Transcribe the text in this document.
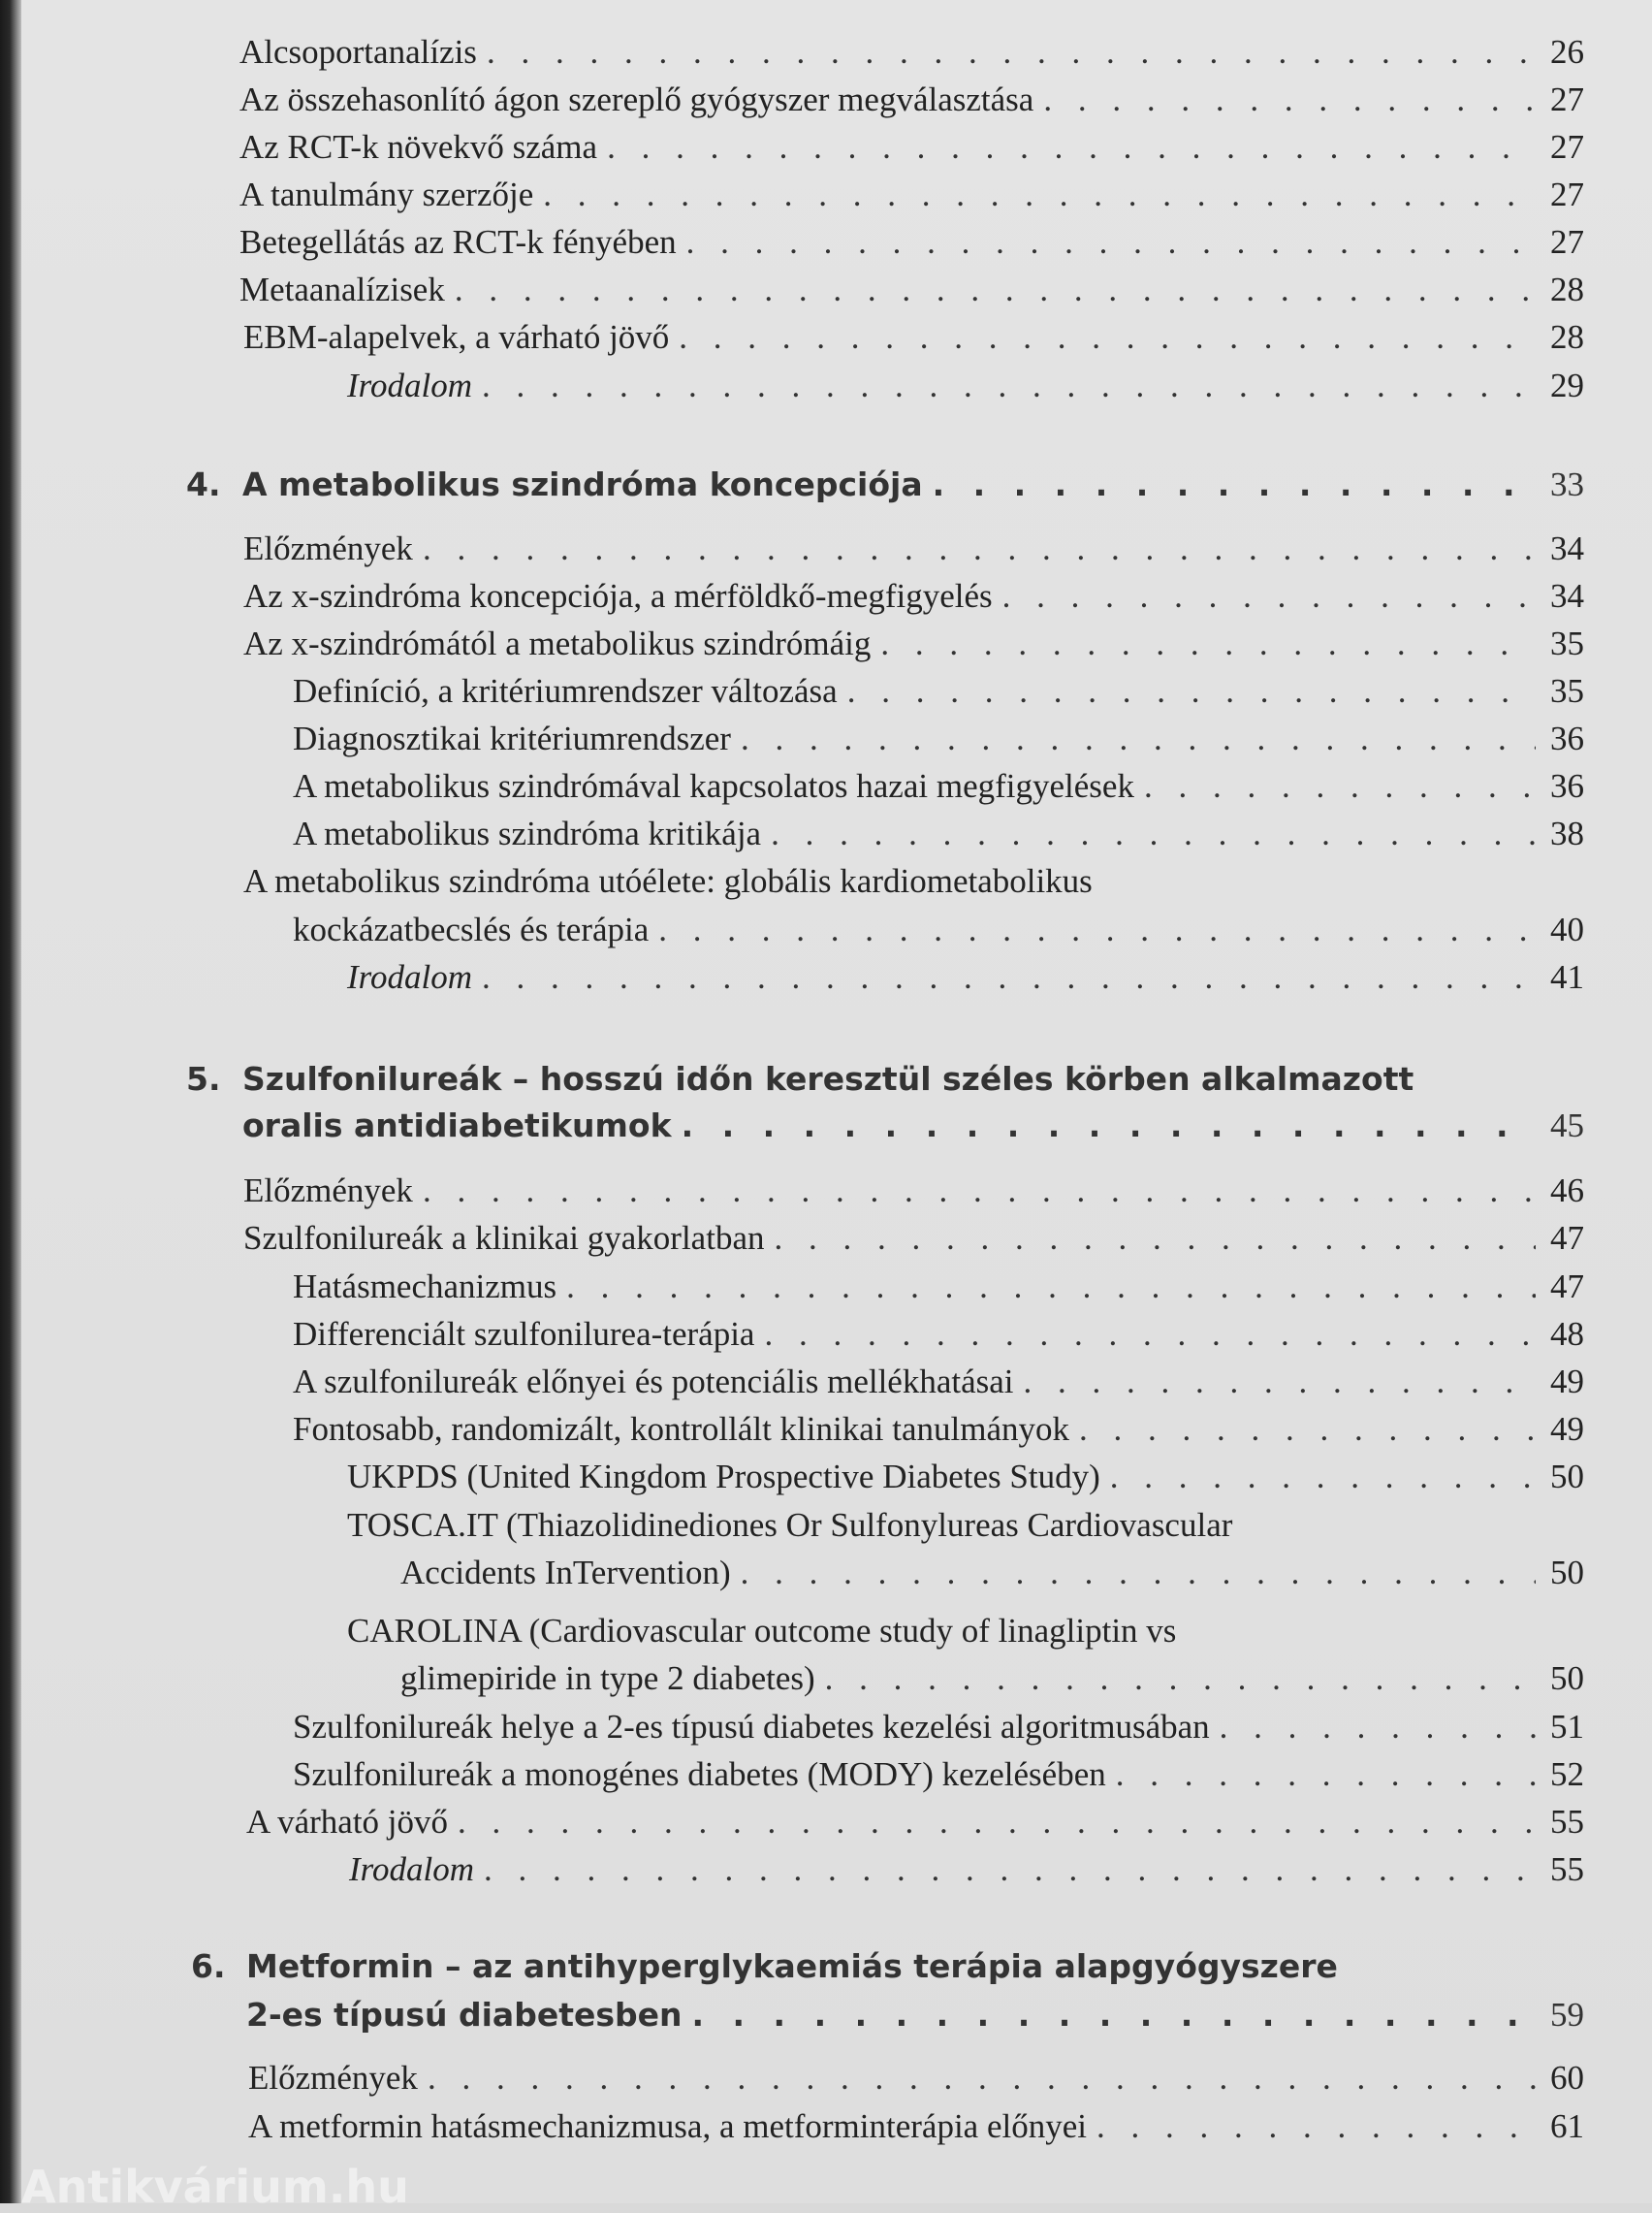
Alcsoportanalízis . . .	26
Az összehasonlító ágon szereplő gyógyszer megválasztása . . .	27
Az RCT-k növekvő száma . . .	27
A tanulmány szerzője . . .	27
Betegellátás az RCT-k fényében . . .	27
Metaanalízisek . . .	28
EBM-alapelvek, a várható jövő . . .	28
Irodalom . . .	29
4. A metabolikus szindróma koncepciója . . .	33
Előzmények . . .	34
Az x-szindróma koncepciója, a mérföldkő-megfigyelés . . .	34
Az x-szindrómától a metabolikus szindrómáig . . .	35
Definíció, a kritériumrendszer változása . . .	35
Diagnosztikai kritériumrendszer . . .	36
A metabolikus szindrómával kapcsolatos hazai megfigyelések . . .	36
A metabolikus szindróma kritikája . . .	38
A metabolikus szindróma utóélete: globális kardiometabolikus
kockázatbecslés és terápia . . .	40
Irodalom . . .	41
5. Szulfonilureák – hosszú időn keresztül széles körben alkalmazott
oralis antidiabetikumok . . .	45
Előzmények . . .	46
Szulfonilureák a klinikai gyakorlatban . . .	47
Hatásmechanizmus . . .	47
Differenciált szulfonilurea-terápia . . .	48
A szulfonilureák előnyei és potenciális mellékhatásai . . .	49
Fontosabb, randomizált, kontrollált klinikai tanulmányok . . .	49
UKPDS (United Kingdom Prospective Diabetes Study) . . .	50
TOSCA.IT (Thiazolidinediones Or Sulfonylureas Cardiovascular
Accidents InTervention) . . .	50
CAROLINA (Cardiovascular outcome study of linagliptin vs
glimepiride in type 2 diabetes) . . .	50
Szulfonilureák helye a 2-es típusú diabetes kezelési algoritmusában . . .	51
Szulfonilureák a monogénes diabetes (MODY) kezelésében . . .	52
A várható jövő . . .	55
Irodalom . . .	55
6. Metformin – az antihyperglykaemiás terápia alapgyógyszere
2-es típusú diabetesben . . .	59
Előzmények . . .	60
A metformin hatásmechanizmusa, a metforminterápia előnyei . . .	61
Antikvárium.hu
